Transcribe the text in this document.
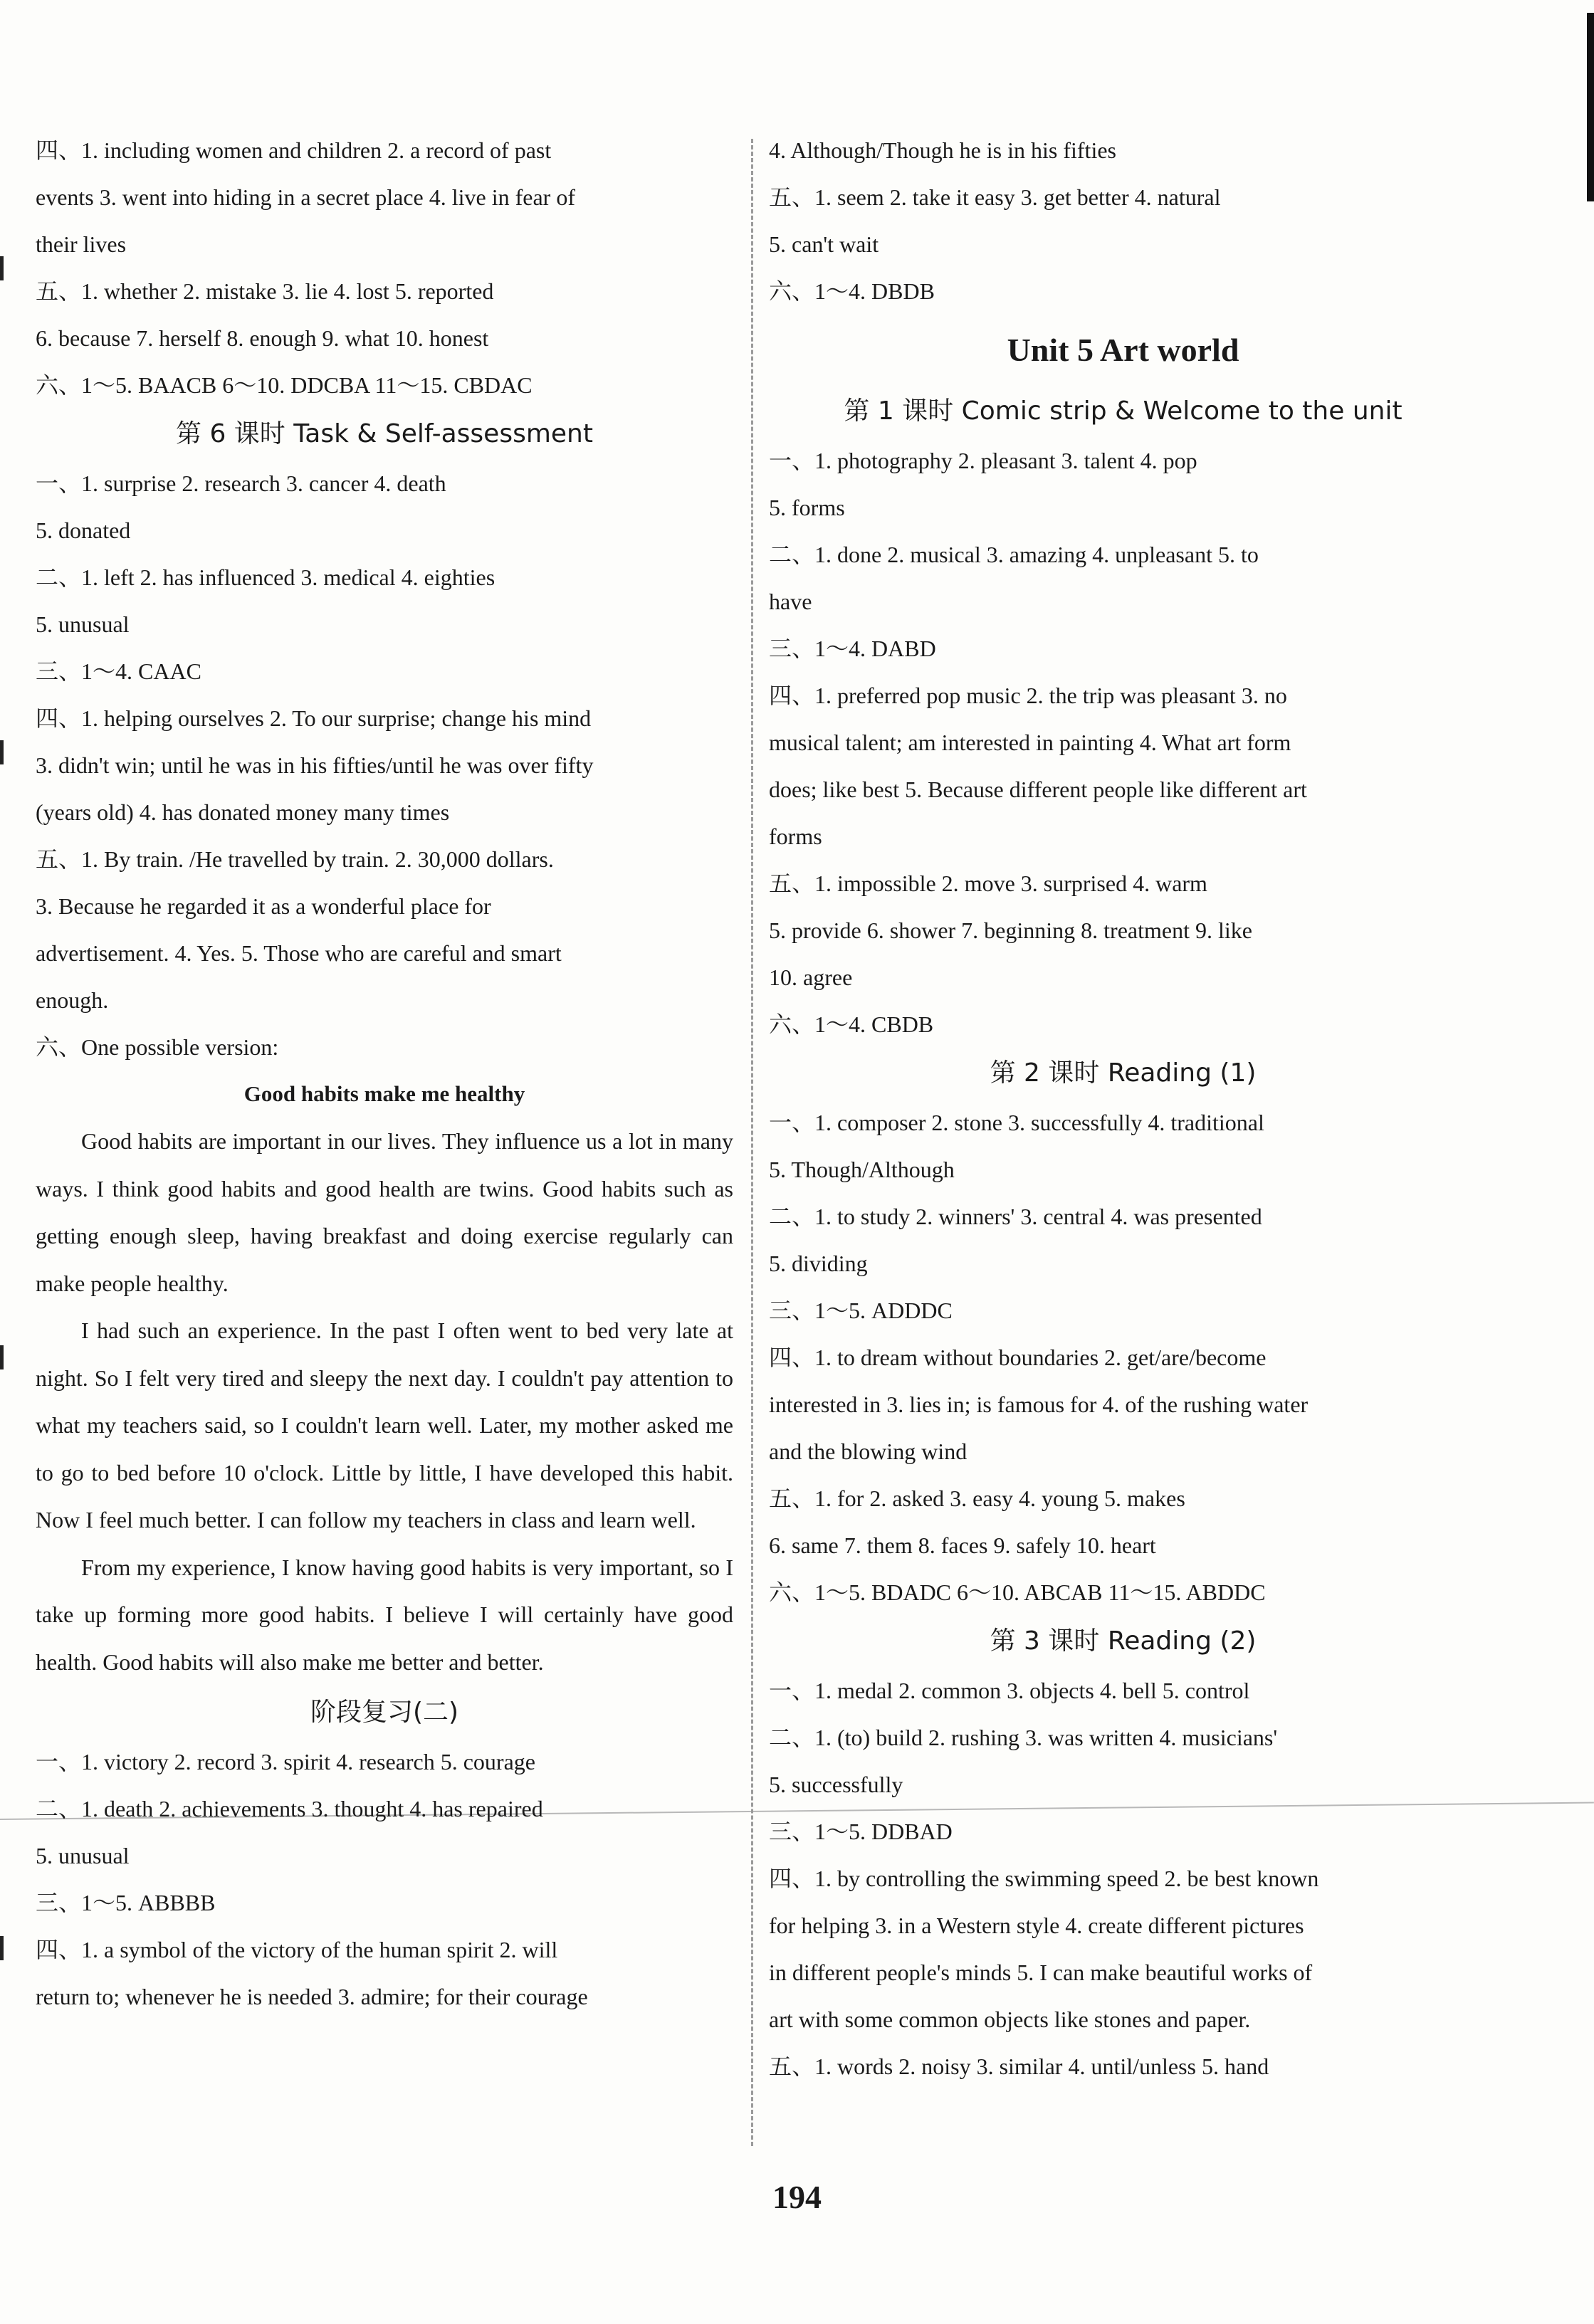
四、1. including women and children 2. a record of past
events 3. went into hiding in a secret place 4. live in fear of
their lives
五、1. whether 2. mistake 3. lie 4. lost 5. reported
6. because 7. herself 8. enough 9. what 10. honest
六、1～5. BAACB 6～10. DDCBA 11～15. CBDAC
第 6 课时 Task & Self-assessment
一、1. surprise 2. research 3. cancer 4. death
5. donated
二、1. left 2. has influenced 3. medical 4. eighties
5. unusual
三、1～4. CAAC
四、1. helping ourselves 2. To our surprise; change his mind
3. didn't win; until he was in his fifties/until he was over fifty
(years old) 4. has donated money many times
五、1. By train. /He travelled by train. 2. 30,000 dollars.
3. Because he regarded it as a wonderful place for
advertisement. 4. Yes. 5. Those who are careful and smart
enough.
六、One possible version:
Good habits make me healthy

Good habits are important in our lives. They influence us a lot in many ways. I think good habits and good health are twins. Good habits such as getting enough sleep, having breakfast and doing exercise regularly can make people healthy.

I had such an experience. In the past I often went to bed very late at night. So I felt very tired and sleepy the next day. I couldn't pay attention to what my teachers said, so I couldn't learn well. Later, my mother asked me to go to bed before 10 o'clock. Little by little, I have developed this habit. Now I feel much better. I can follow my teachers in class and learn well.

From my experience, I know having good habits is very important, so I take up forming more good habits. I believe I will certainly have good health. Good habits will also make me better and better.

阶段复习(二)
一、1. victory 2. record 3. spirit 4. research 5. courage
二、1. death 2. achievements 3. thought 4. has repaired
5. unusual
三、1～5. ABBBB
四、1. a symbol of the victory of the human spirit 2. will
return to; whenever he is needed 3. admire; for their courage
4. Although/Though he is in his fifties
五、1. seem 2. take it easy 3. get better 4. natural
5. can't wait
六、1～4. DBDB
Unit 5 Art world
第 1 课时 Comic strip & Welcome to the unit
一、1. photography 2. pleasant 3. talent 4. pop
5. forms
二、1. done 2. musical 3. amazing 4. unpleasant 5. to
have
三、1～4. DABD
四、1. preferred pop music 2. the trip was pleasant 3. no
musical talent; am interested in painting 4. What art form
does; like best 5. Because different people like different art
forms
五、1. impossible 2. move 3. surprised 4. warm
5. provide 6. shower 7. beginning 8. treatment 9. like
10. agree
六、1～4. CBDB
第 2 课时 Reading (1)
一、1. composer 2. stone 3. successfully 4. traditional
5. Though/Although
二、1. to study 2. winners' 3. central 4. was presented
5. dividing
三、1～5. ADDDC
四、1. to dream without boundaries 2. get/are/become
interested in 3. lies in; is famous for 4. of the rushing water
and the blowing wind
五、1. for 2. asked 3. easy 4. young 5. makes
6. same 7. them 8. faces 9. safely 10. heart
六、1～5. BDADC 6～10. ABCAB 11～15. ABDDC
第 3 课时 Reading (2)
一、1. medal 2. common 3. objects 4. bell 5. control
二、1. (to) build 2. rushing 3. was written 4. musicians'
5. successfully
三、1～5. DDBAD
四、1. by controlling the swimming speed 2. be best known
for helping 3. in a Western style 4. create different pictures
in different people's minds 5. I can make beautiful works of
art with some common objects like stones and paper.
五、1. words 2. noisy 3. similar 4. until/unless 5. hand
194
